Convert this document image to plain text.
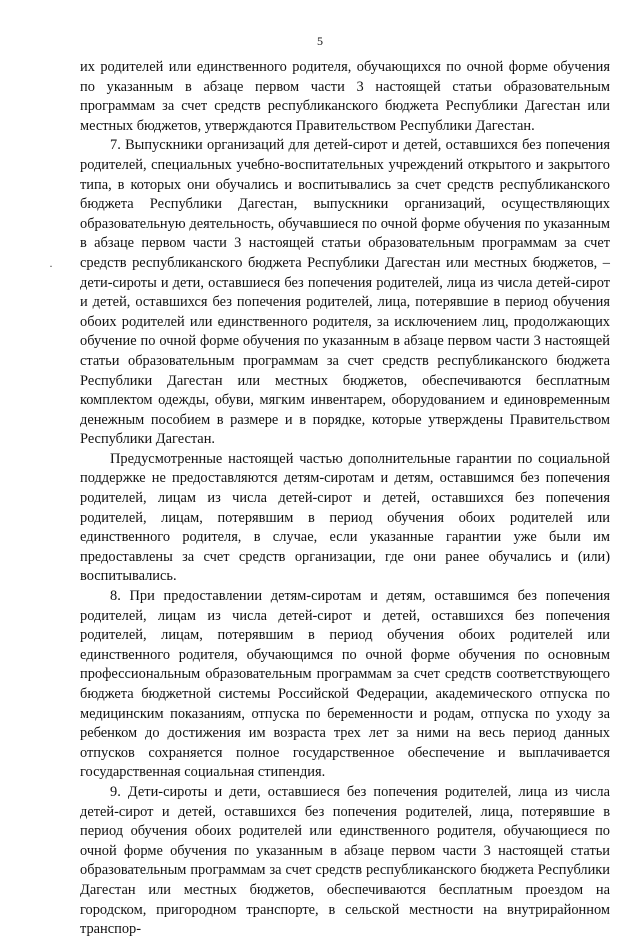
5
·

их родителей или единственного родителя, обучающихся по очной форме обучения по указанным в абзаце первом части 3 настоящей статьи образовательным программам за счет средств республиканского бюджета Республики Дагестан или местных бюджетов, утверждаются Правительством Республики Дагестан.

7. Выпускники организаций для детей-сирот и детей, оставшихся без попечения родителей, специальных учебно-воспитательных учреждений открытого и закрытого типа, в которых они обучались и воспитывались за счет средств республиканского бюджета Республики Дагестан, выпускники организаций, осуществляющих образовательную деятельность, обучавшиеся по очной форме обучения по указанным в абзаце первом части 3 настоящей статьи образовательным программам за счет средств республиканского бюджета Республики Дагестан или местных бюджетов, – дети-сироты и дети, оставшиеся без попечения родителей, лица из числа детей-сирот и детей, оставшихся без попечения родителей, лица, потерявшие в период обучения обоих родителей или единственного родителя, за исключением лиц, продолжающих обучение по очной форме обучения по указанным в абзаце первом части 3 настоящей статьи образовательным программам за счет средств республиканского бюджета Республики Дагестан или местных бюджетов, обеспечиваются бесплатным комплектом одежды, обуви, мягким инвентарем, оборудованием и единовременным денежным пособием в размере и в порядке, которые утверждены Правительством Республики Дагестан.

Предусмотренные настоящей частью дополнительные гарантии по социальной поддержке не предоставляются детям-сиротам и детям, оставшимся без попечения родителей, лицам из числа детей-сирот и детей, оставшихся без попечения родителей, лицам, потерявшим в период обучения обоих родителей или единственного родителя, в случае, если указанные гарантии уже были им предоставлены за счет средств организации, где они ранее обучались и (или) воспитывались.

8. При предоставлении детям-сиротам и детям, оставшимся без попечения родителей, лицам из числа детей-сирот и детей, оставшихся без попечения родителей, лицам, потерявшим в период обучения обоих родителей или единственного родителя, обучающимся по очной форме обучения по основным профессиональным образовательным программам за счет средств соответствующего бюджета бюджетной системы Российской Федерации, академического отпуска по медицинским показаниям, отпуска по беременности и родам, отпуска по уходу за ребенком до достижения им возраста трех лет за ними на весь период данных отпусков сохраняется полное государственное обеспечение и выплачивается государственная социальная стипендия.

9. Дети-сироты и дети, оставшиеся без попечения родителей, лица из числа детей-сирот и детей, оставшихся без попечения родителей, лица, потерявшие в период обучения обоих родителей или единственного родителя, обучающиеся по очной форме обучения по указанным в абзаце первом части 3 настоящей статьи образовательным программам за счет средств республиканского бюджета Республики Дагестан или местных бюджетов, обеспечиваются бесплатным проездом на городском, пригородном транспорте, в сельской местности на внутрирайонном транспор-
